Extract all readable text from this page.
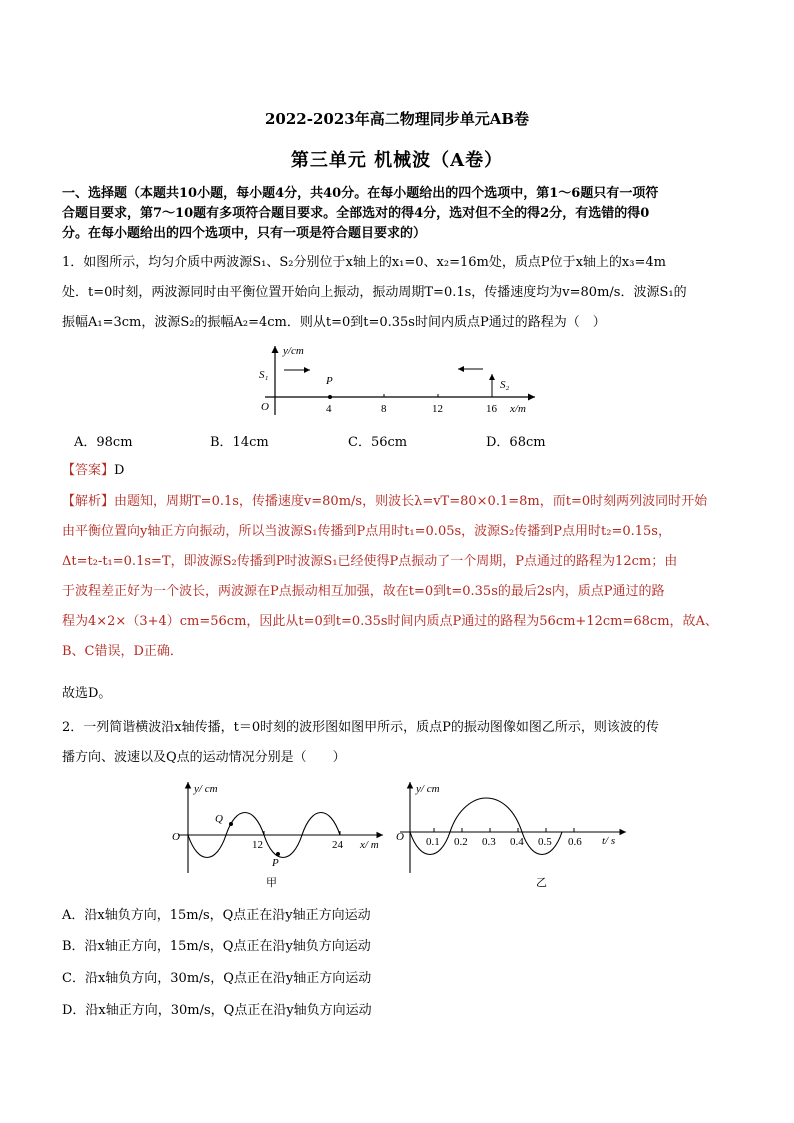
2022-2023年高二物理同步单元AB卷
第三单元 机械波（A卷）
一、选择题（本题共10小题，每小题4分，共40分。在每小题给出的四个选项中，第1～6题只有一项符
合题目要求，第7～10题有多项符合题目要求。全部选对的得4分，选对但不全的得2分，有选错的得0
分。在每小题给出的四个选项中，只有一项是符合题目要求的）
1．如图所示，均匀介质中两波源S₁、S₂分别位于x轴上的x₁=0、x₂=16m处，质点P位于x轴上的x₃=4m
处．t=0时刻，两波源同时由平衡位置开始向上振动，振动周期T=0.1s，传播速度均为v=80m/s．波源S₁的
振幅A₁=3cm，波源S₂的振幅A₂=4cm．则从t=0到t=0.35s时间内质点P通过的路程为（　）
y/cm
x/m
O
S₁
S₂
P
4	8	12	16
A．98cm	B．14cm	C．56cm	D．68cm
【答案】D
【解析】由题知，周期T=0.1s，传播速度v=80m/s，则波长λ=vT=80×0.1=8m，而t=0时刻两列波同时开始
由平衡位置向y轴正方向振动，所以当波源S₁传播到P点用时t₁=0.05s，波源S₂传播到P点用时t₂=0.15s，
Δt=t₂-t₁=0.1s=T，即波源S₂传播到P时波源S₁已经使得P点振动了一个周期，P点通过的路程为12cm；由
于波程差正好为一个波长，两波源在P点振动相互加强，故在t=0到t=0.35s的最后2s内，质点P通过的路
程为4×2×（3+4）cm=56cm，因此从t=0到t=0.35s时间内质点P通过的路程为56cm+12cm=68cm，故A、
B、C错误，D正确．
故选D。
2．一列简谐横波沿x轴传播，t＝0时刻的波形图如图甲所示，质点P的振动图像如图乙所示，则该波的传
播方向、波速以及Q点的运动情况分别是（　　）
y/ cm
x/ m
O
12	24
Q
P
甲
y/ cm
t/ s
O 0.1 0.2 0.3 0.4 0.5 0.6
乙
A．沿x轴负方向，15m/s，Q点正在沿y轴正方向运动
B．沿x轴正方向，15m/s，Q点正在沿y轴负方向运动
C．沿x轴负方向，30m/s，Q点正在沿y轴正方向运动
D．沿x轴正方向，30m/s，Q点正在沿y轴负方向运动
